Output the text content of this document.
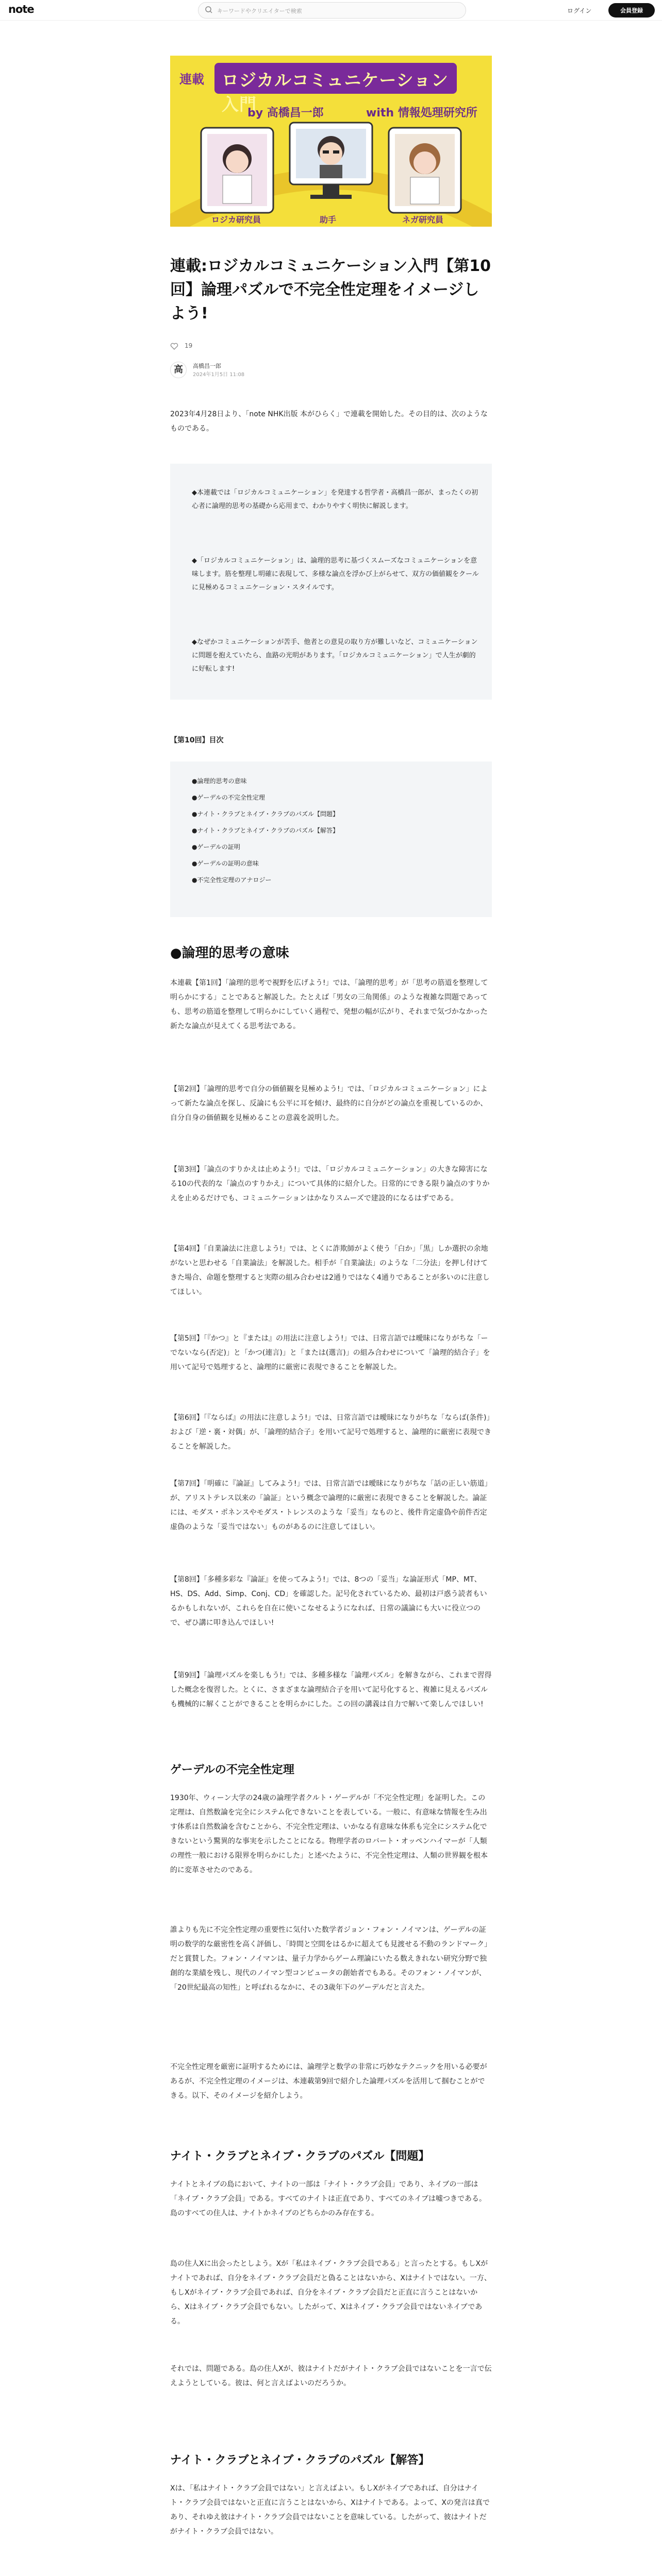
note
キーワードやクリエイターで検索	ログイン	会員登録
連載 ロジカルコミュニケーション入門
by 高橋昌一郎	with 情報処理研究所
ロジカ研究員	助手	ネガ研究員
連載:ロジカルコミュニケーション入門【第10回】論理パズルで不完全性定理をイメージしよう!
19
高	高橋昌一郎
2024年1月5日 11:08

2023年4月28日より、「note NHK出版 本がひらく」で連載を開始した。その目的は、次のようなものである。

◆本連載では「ロジカルコミュニケーション」を発達する哲学者・高橋昌一郎が、まったくの初心者に論理的思考の基礎から応用まで、わかりやすく明快に解説します。

◆「ロジカルコミュニケーション」は、論理的思考に基づくスムーズなコミュニケーションを意味します。筋を整理し明確に表現して、多様な論点を浮かび上がらせて、双方の価値観をクールに見極めるコミュニケーション・スタイルです。

◆なぜかコミュニケーションが苦手、他者との意見の取り方が難しいなど、コミュニケーションに問題を抱えていたら、血路の光明があります。「ロジカルコミュニケーション」で人生が劇的に好転します!

【第10回】目次
●論理的思考の意味
●ゲーデルの不完全性定理
●ナイト・クラブとネイブ・クラブのパズル【問題】
●ナイト・クラブとネイブ・クラブのパズル【解答】
●ゲーデルの証明
●ゲーデルの証明の意味
●不完全性定理のアナロジー
●論理的思考の意味

本連載【第1回】「論理的思考で視野を広げよう!」では、「論理的思考」が「思考の筋道を整理して明らかにする」ことであると解説した。たとえば「男女の三角関係」のような複雑な問題であっても、思考の筋道を整理して明らかにしていく過程で、発想の幅が広がり、それまで気づかなかった新たな論点が見えてくる思考法である。

【第2回】「論理的思考で自分の価値観を見極めよう!」では、「ロジカルコミュニケーション」によって新たな論点を探し、反論にも公平に耳を傾け、最終的に自分がどの論点を重視しているのか、自分自身の価値観を見極めることの意義を説明した。

【第3回】「論点のすりかえは止めよう!」では、「ロジカルコミュニケーション」の大きな障害になる10の代表的な「論点のすりかえ」について具体的に紹介した。日常的にできる限り論点のすりかえを止めるだけでも、コミュニケーションはかなりスムーズで建設的になるはずである。

【第4回】「自業論法に注意しよう!」では、とくに詐欺師がよく使う「白か」「黒」しか選択の余地がないと思わせる「自業論法」を解説した。相手が「自業論法」のような「二分法」を押し付けてきた場合、命題を整理すると実際の組み合わせは2通りではなく4通りであることが多いのに注意してほしい。

【第5回】「『かつ』と『または』の用法に注意しよう!」では、日常言語では曖昧になりがちな「ーでないなら(否定)」と「かつ(連言)」と「または(選言)」の組み合わせについて「論理的結合子」を用いて記号で処理すると、論理的に厳密に表現できることを解説した。

【第6回】「『ならば』の用法に注意しよう!」では、日常言語では曖昧になりがちな「ならば(条件)」および「逆・裏・対偶」が、「論理的結合子」を用いて記号で処理すると、論理的に厳密に表現できることを解説した。

【第7回】「明確に『論証』してみよう!」では、日常言語では曖昧になりがちな「話の正しい筋道」が、アリストテレス以来の「論証」という概念で論理的に厳密に表現できることを解説した。論証には、モダス・ポネンスやモダス・トレンスのような「妥当」なものと、後件肯定虚偽や前件否定虚偽のような「妥当ではない」ものがあるのに注意してほしい。

【第8回】「多種多彩な『論証』を使ってみよう!」では、8つの「妥当」な論証形式「MP、MT、HS、DS、Add、Simp、Conj、CD」を確認した。記号化されているため、最初は戸惑う読者もいるかもしれないが、これらを自在に使いこなせるようになれば、日常の議論にも大いに役立つので、ぜひ講に叩き込んでほしい!

【第9回】「論理パズルを楽しもう!」では、多種多様な「論理パズル」を解きながら、これまで習得した概念を復習した。とくに、さまざまな論理結合子を用いて記号化すると、複雑に見えるパズルも機械的に解くことができることを明らかにした。この回の講義は自力で解いて楽しんでほしい!

ゲーデルの不完全性定理

1930年、ウィーン大学の24歳の論理学者クルト・ゲーデルが「不完全性定理」を証明した。この定理は、自然数論を完全にシステム化できないことを表している。一般に、有意味な情報を生み出す体系は自然数論を含むことから、不完全性定理は、いかなる有意味な体系も完全にシステム化できないという驚異的な事実を示したことになる。物理学者のロバート・オッペンハイマーが「人類の理性一般における限界を明らかにした」と述べたように、不完全性定理は、人類の世界観を根本的に変革させたのである。

誰よりも先に不完全性定理の重要性に気付いた数学者ジョン・フォン・ノイマンは、ゲーデルの証明の数学的な厳密性を高く評価し、「時間と空間をはるかに超えても見渡せる不動のランドマーク」だと賞賛した。フォン・ノイマンは、量子力学からゲーム理論にいたる数えきれない研究分野で独創的な業績を残し、現代のノイマン型コンピュータの創始者でもある。そのフォン・ノイマンが、「20世紀最高の知性」と呼ばれるなかに、その3歳年下のゲーデルだと言えた。

不完全性定理を厳密に証明するためには、論理学と数学の非常に巧妙なテクニックを用いる必要があるが、不完全性定理のイメージは、本連載第9回で紹介した論理パズルを活用して掴むことができる。以下、そのイメージを紹介しよう。

ナイト・クラブとネイブ・クラブのパズル【問題】

ナイトとネイブの島において、ナイトの一部は「ナイト・クラブ会員」であり、ネイブの一部は「ネイブ・クラブ会員」である。すべてのナイトは正直であり、すべてのネイブは嘘つきである。島のすべての住人は、ナイトかネイブのどちらかのみ存在する。

島の住人Xに出会ったとしよう。Xが「私はネイブ・クラブ会員である」と言ったとする。もしXがナイトであれば、自分をネイブ・クラブ会員だと偽ることはないから、Xはナイトではない。一方、もしXがネイブ・クラブ会員であれば、自分をネイブ・クラブ会員だと正直に言うことはないから、Xはネイブ・クラブ会員でもない。したがって、Xはネイブ・クラブ会員ではないネイブである。

それでは、問題である。島の住人Xが、彼はナイトだがナイト・クラブ会員ではないことを一言で伝えようとしている。彼は、何と言えばよいのだろうか。

ナイト・クラブとネイブ・クラブのパズル【解答】

Xは、「私はナイト・クラブ会員ではない」と言えばよい。もしXがネイブであれば、自分はナイト・クラブ会員ではないと正直に言うことはないから、Xはナイトである。よって、Xの発言は真であり、それゆえ彼はナイト・クラブ会員ではないことを意味している。したがって、彼はナイトだがナイト・クラブ会員ではない。
